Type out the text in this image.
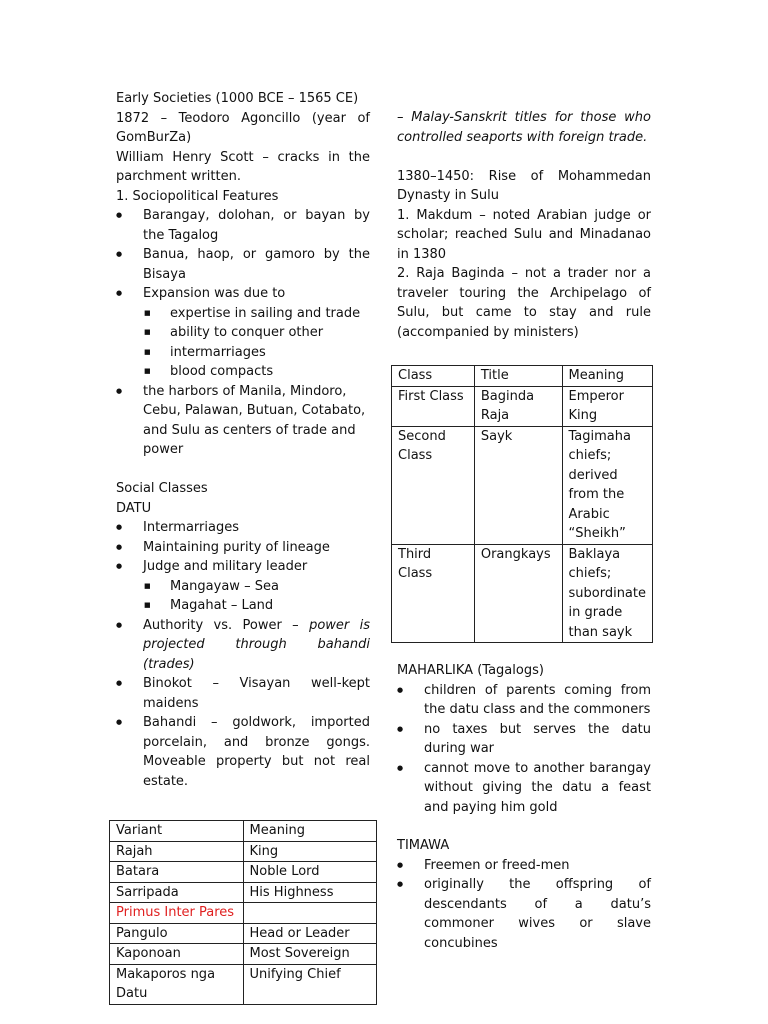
Early Societies (1000 BCE – 1565 CE)

1872 – Teodoro Agoncillo (year of GomBurZa)

William Henry Scott – cracks in the parchment written.

1. Sociopolitical Features

● Barangay, dolohan, or bayan by the Tagalog
● Banua, haop, or gamoro by the Bisaya
● Expansion was due to
■ expertise in sailing and trade
■ ability to conquer other
■ intermarriages
■ blood compacts
● the harbors of Manila, Mindoro, Cebu, Palawan, Butuan, Cotabato, and Sulu as centers of trade and power

Social Classes

DATU

● Intermarriages
● Maintaining purity of lineage
● Judge and military leader
■ Mangayaw – Sea
■ Magahat – Land
● Authority vs. Power – power is projected through bahandi (trades)
● Binokot – Visayan well-kept maidens
● Bahandi – goldwork, imported porcelain, and bronze gongs. Moveable property but not real estate.
Variant	Meaning
Rajah	King
Batara	Noble Lord
Sarripada	His Highness
Primus Inter Pares	
Pangulo	Head or Leader
Kaponoan	Most Sovereign
Makaporos nga Datu	Unifying Chief

– Malay-Sanskrit titles for those who controlled seaports with foreign trade.

1380–1450: Rise of Mohammedan Dynasty in Sulu

1. Makdum – noted Arabian judge or scholar; reached Sulu and Minadanao in 1380

2. Raja Baginda – not a trader nor a traveler touring the Archipelago of Sulu, but came to stay and rule (accompanied by ministers)

Class	Title	Meaning
First Class	Baginda Raja	Emperor King
Second Class	Sayk	Tagimaha chiefs; derived from the Arabic “Sheikh”
Third Class	Orangkays	Baklaya chiefs; subordinate in grade than sayk

MAHARLIKA (Tagalogs)

● children of parents coming from the datu class and the commoners
● no taxes but serves the datu during war
● cannot move to another barangay without giving the datu a feast and paying him gold

TIMAWA

● Freemen or freed-men
● originally the offspring of descendants of a datu’s commoner wives or slave concubines
